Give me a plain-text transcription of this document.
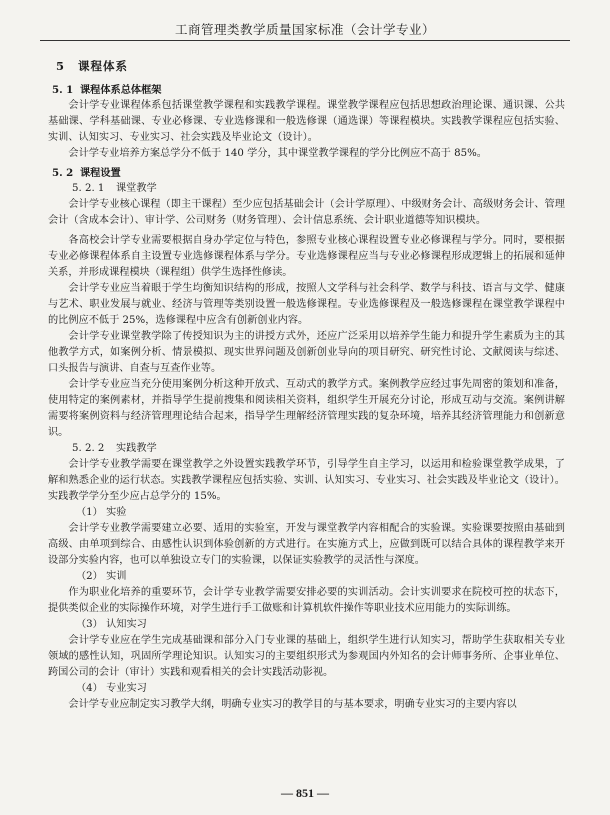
工商管理类教学质量国家标准（会计学专业）
5 课程体系
5. 1 课程体系总体框架

会计学专业课程体系包括课堂教学课程和实践教学课程。课堂教学课程应包括思想政治理论课、通识课、公共基础课、学科基础课、专业必修课、专业选修课和一般选修课（通选课）等课程模块。实践教学课程应包括实验、实训、认知实习、专业实习、社会实践及毕业论文（设计）。

会计学专业培养方案总学分不低于 140 学分，其中课堂教学课程的学分比例应不高于 85%。

5. 2 课程设置
5. 2. 1 课堂教学

会计学专业核心课程（即主干课程）至少应包括基础会计（会计学原理）、中级财务会计、高级财务会计、管理会计（含成本会计）、审计学、公司财务（财务管理）、会计信息系统、会计职业道德等知识模块。

各高校会计学专业需要根据自身办学定位与特色，参照专业核心课程设置专业必修课程与学分。同时，要根据专业必修课程体系自主设置专业选修课程体系与学分。专业选修课程应当与专业必修课程形成逻辑上的拓展和延伸关系，并形成课程模块（课程组）供学生选择性修读。

会计学专业应当着眼于学生均衡知识结构的形成，按照人文学科与社会科学、数学与科技、语言与文学、健康与艺术、职业发展与就业、经济与管理等类别设置一般选修课程。专业选修课程及一般选修课程在课堂教学课程中的比例应不低于 25%，选修课程中应含有创新创业内容。

会计学专业课堂教学除了传授知识为主的讲授方式外，还应广泛采用以培养学生能力和提升学生素质为主的其他教学方式，如案例分析、情景模拟、现实世界问题及创新创业导向的项目研究、研究性讨论、文献阅读与综述、口头报告与演讲、自查与互查作业等。

会计学专业应当充分使用案例分析这种开放式、互动式的教学方式。案例教学应经过事先周密的策划和准备，使用特定的案例素材，并指导学生提前搜集和阅读相关资料，组织学生开展充分讨论，形成互动与交流。案例讲解需要将案例资料与经济管理理论结合起来，指导学生理解经济管理实践的复杂环境，培养其经济管理能力和创新意识。

5. 2. 2 实践教学

会计学专业教学需要在课堂教学之外设置实践教学环节，引导学生自主学习，以运用和检验课堂教学成果，了解和熟悉企业的运行状态。实践教学课程应包括实验、实训、认知实习、专业实习、社会实践及毕业论文（设计）。实践教学学分至少应占总学分的 15%。

（1） 实验

会计学专业教学需要建立必要、适用的实验室，开发与课堂教学内容相配合的实验课。实验课要按照由基础到高级、由单项到综合、由感性认识到体验创新的方式进行。在实施方式上，应做到既可以结合具体的课程教学来开设部分实验内容，也可以单独设立专门的实验课，以保证实验教学的灵活性与深度。

（2） 实训

作为职业化培养的重要环节，会计学专业教学需要安排必要的实训活动。会计实训要求在院校可控的状态下，提供类似企业的实际操作环境，对学生进行手工做账和计算机软件操作等职业技术应用能力的实际训练。

（3） 认知实习

会计学专业应在学生完成基础课和部分入门专业课的基础上，组织学生进行认知实习，帮助学生获取相关专业领域的感性认知，巩固所学理论知识。认知实习的主要组织形式为参观国内外知名的会计师事务所、企事业单位、跨国公司的会计（审计）实践和观看相关的会计实践活动影视。

（4） 专业实习

会计学专业应制定实习教学大纲，明确专业实习的教学目的与基本要求，明确专业实习的主要内容以

— 851 —
